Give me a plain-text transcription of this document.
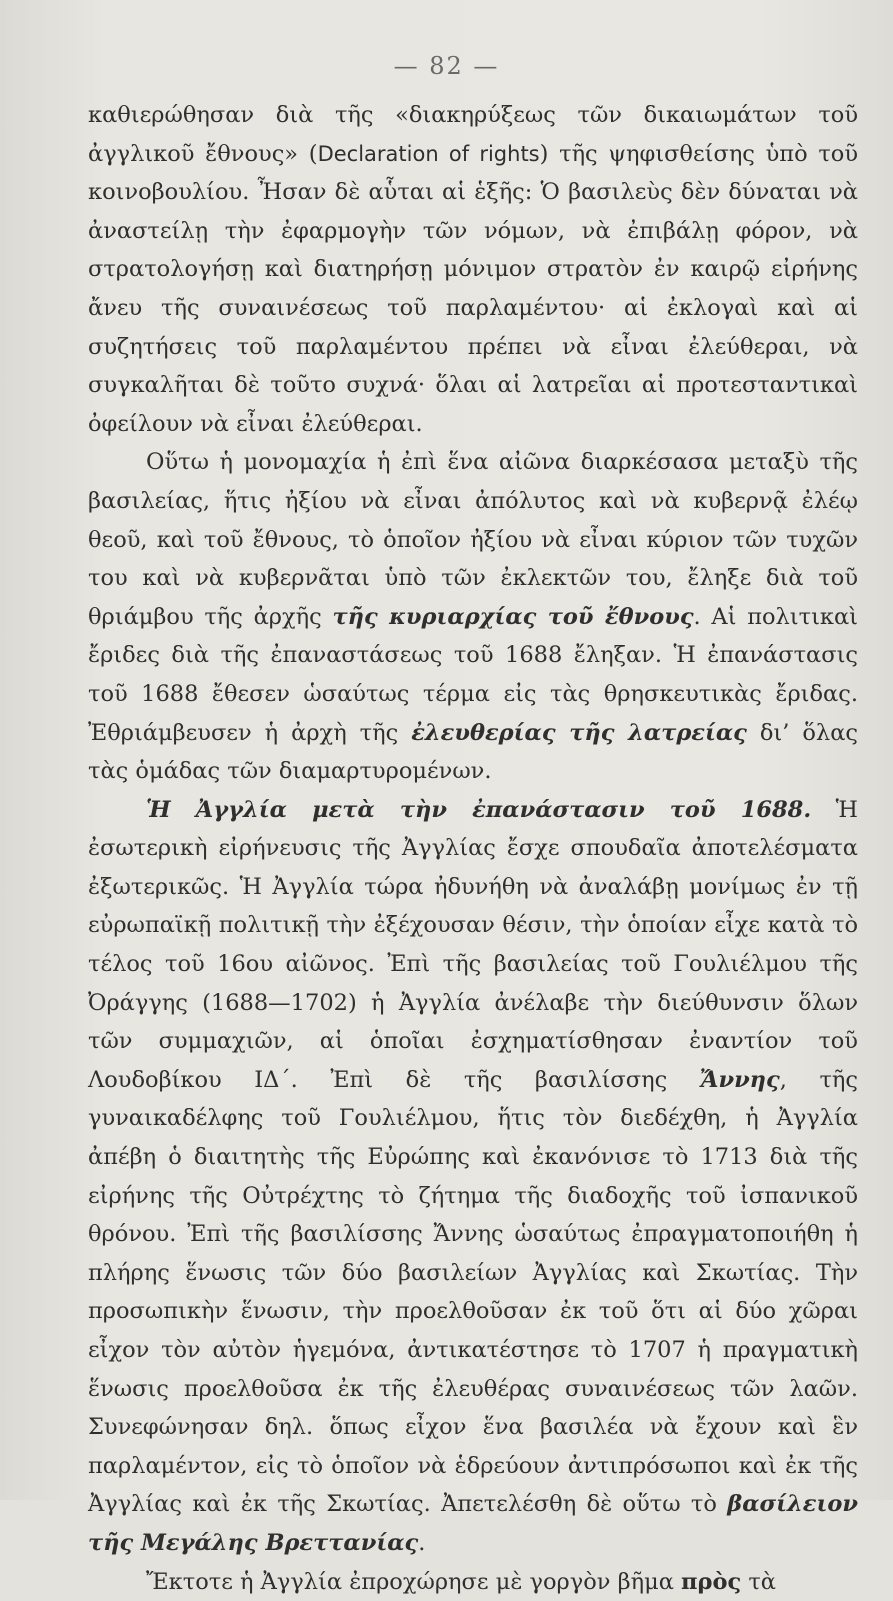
— 82 —

καθιερώθησαν διὰ τῆς «διακηρύξεως τῶν δικαιωμάτων τοῦ ἀγγλικοῦ ἔθνους» (Declaration of rights) τῆς ψηφισθείσης ὑπὸ τοῦ κοινοβουλίου. Ἦσαν δὲ αὗται αἱ ἑξῆς: Ὁ βασιλεὺς δὲν δύναται νὰ ἀναστείλῃ τὴν ἐφαρμογὴν τῶν νόμων, νὰ ἐπιβάλῃ φόρον, νὰ στρατολογήσῃ καὶ διατηρήσῃ μόνιμον στρατὸν ἐν καιρῷ εἰρήνης ἄνευ τῆς συναινέσεως τοῦ παρλαμέντου· αἱ ἐκλογαὶ καὶ αἱ συζητήσεις τοῦ παρλαμέντου πρέπει νὰ εἶναι ἐλεύθεραι, νὰ συγκαλῆται δὲ τοῦτο συχνά· ὅλαι αἱ λατρεῖαι αἱ προτεσταντικαὶ ὀφείλουν νὰ εἶναι ἐλεύθεραι.

Οὕτω ἡ μονομαχία ἡ ἐπὶ ἕνα αἰῶνα διαρκέσασα μεταξὺ τῆς βασιλείας, ἥτις ἠξίου νὰ εἶναι ἀπόλυτος καὶ νὰ κυβερνᾷ ἐλέῳ θεοῦ, καὶ τοῦ ἔθνους, τὸ ὁποῖον ἠξίου νὰ εἶναι κύριον τῶν τυχῶν του καὶ νὰ κυβερνᾶται ὑπὸ τῶν ἐκλεκτῶν του, ἔληξε διὰ τοῦ θριάμβου τῆς ἀρχῆς τῆς κυριαρχίας τοῦ ἔθνους. Αἱ πολιτικαὶ ἔριδες διὰ τῆς ἐπαναστάσεως τοῦ 1688 ἔληξαν. Ἡ ἐπανάστασις τοῦ 1688 ἔθεσεν ὡσαύτως τέρμα εἰς τὰς θρησκευτικὰς ἔριδας. Ἐθριάμβευσεν ἡ ἀρχὴ τῆς ἐλευθερίας τῆς λατρείας δι’ ὅλας τὰς ὁμάδας τῶν διαμαρτυρομένων.

Ἡ Ἀγγλία μετὰ τὴν ἐπανάστασιν τοῦ 1688. Ἡ ἐσωτερικὴ εἰρήνευσις τῆς Ἀγγλίας ἔσχε σπουδαῖα ἀποτελέσματα ἐξωτερικῶς. Ἡ Ἀγγλία τώρα ἠδυνήθη νὰ ἀναλάβῃ μονίμως ἐν τῇ εὐρωπαϊκῇ πολιτικῇ τὴν ἐξέχουσαν θέσιν, τὴν ὁποίαν εἶχε κατὰ τὸ τέλος τοῦ 16ου αἰῶνος. Ἐπὶ τῆς βασιλείας τοῦ Γουλιέλμου τῆς Ὀράγγης (1688—1702) ἡ Ἀγγλία ἀνέλαβε τὴν διεύθυνσιν ὅλων τῶν συμμαχιῶν, αἱ ὁποῖαι ἐσχηματίσθησαν ἐναντίον τοῦ Λουδοβίκου ΙΔ΄. Ἐπὶ δὲ τῆς βασιλίσσης Ἄννης, τῆς γυναικαδέλφης τοῦ Γουλιέλμου, ἥτις τὸν διεδέχθη, ἡ Ἀγγλία ἀπέβη ὁ διαιτητὴς τῆς Εὐρώπης καὶ ἐκανόνισε τὸ 1713 διὰ τῆς εἰρήνης τῆς Οὐτρέχτης τὸ ζήτημα τῆς διαδοχῆς τοῦ ἰσπανικοῦ θρόνου. Ἐπὶ τῆς βασιλίσσης Ἄννης ὡσαύτως ἐπραγματοποιήθη ἡ πλήρης ἕνωσις τῶν δύο βασιλείων Ἀγγλίας καὶ Σκωτίας. Τὴν προσωπικὴν ἕνωσιν, τὴν προελθοῦσαν ἐκ τοῦ ὅτι αἱ δύο χῶραι εἶχον τὸν αὐτὸν ἡγεμόνα, ἀντικατέστησε τὸ 1707 ἡ πραγματικὴ ἕνωσις προελθοῦσα ἐκ τῆς ἐλευθέρας συναινέσεως τῶν λαῶν. Συνεφώνησαν δηλ. ὅπως εἶχον ἕνα βασιλέα νὰ ἔχουν καὶ ἓν παρλαμέντον, εἰς τὸ ὁποῖον νὰ ἑδρεύουν ἀντιπρόσωποι καὶ ἐκ τῆς Ἀγγλίας καὶ ἐκ τῆς Σκωτίας. Ἀπετελέσθη δὲ οὕτω τὸ βασίλειον τῆς Μεγάλης Βρεττανίας.

Ἔκτοτε ἡ Ἀγγλία ἐπροχώρησε μὲ γοργὸν βῆμα πρὸς τὰ
